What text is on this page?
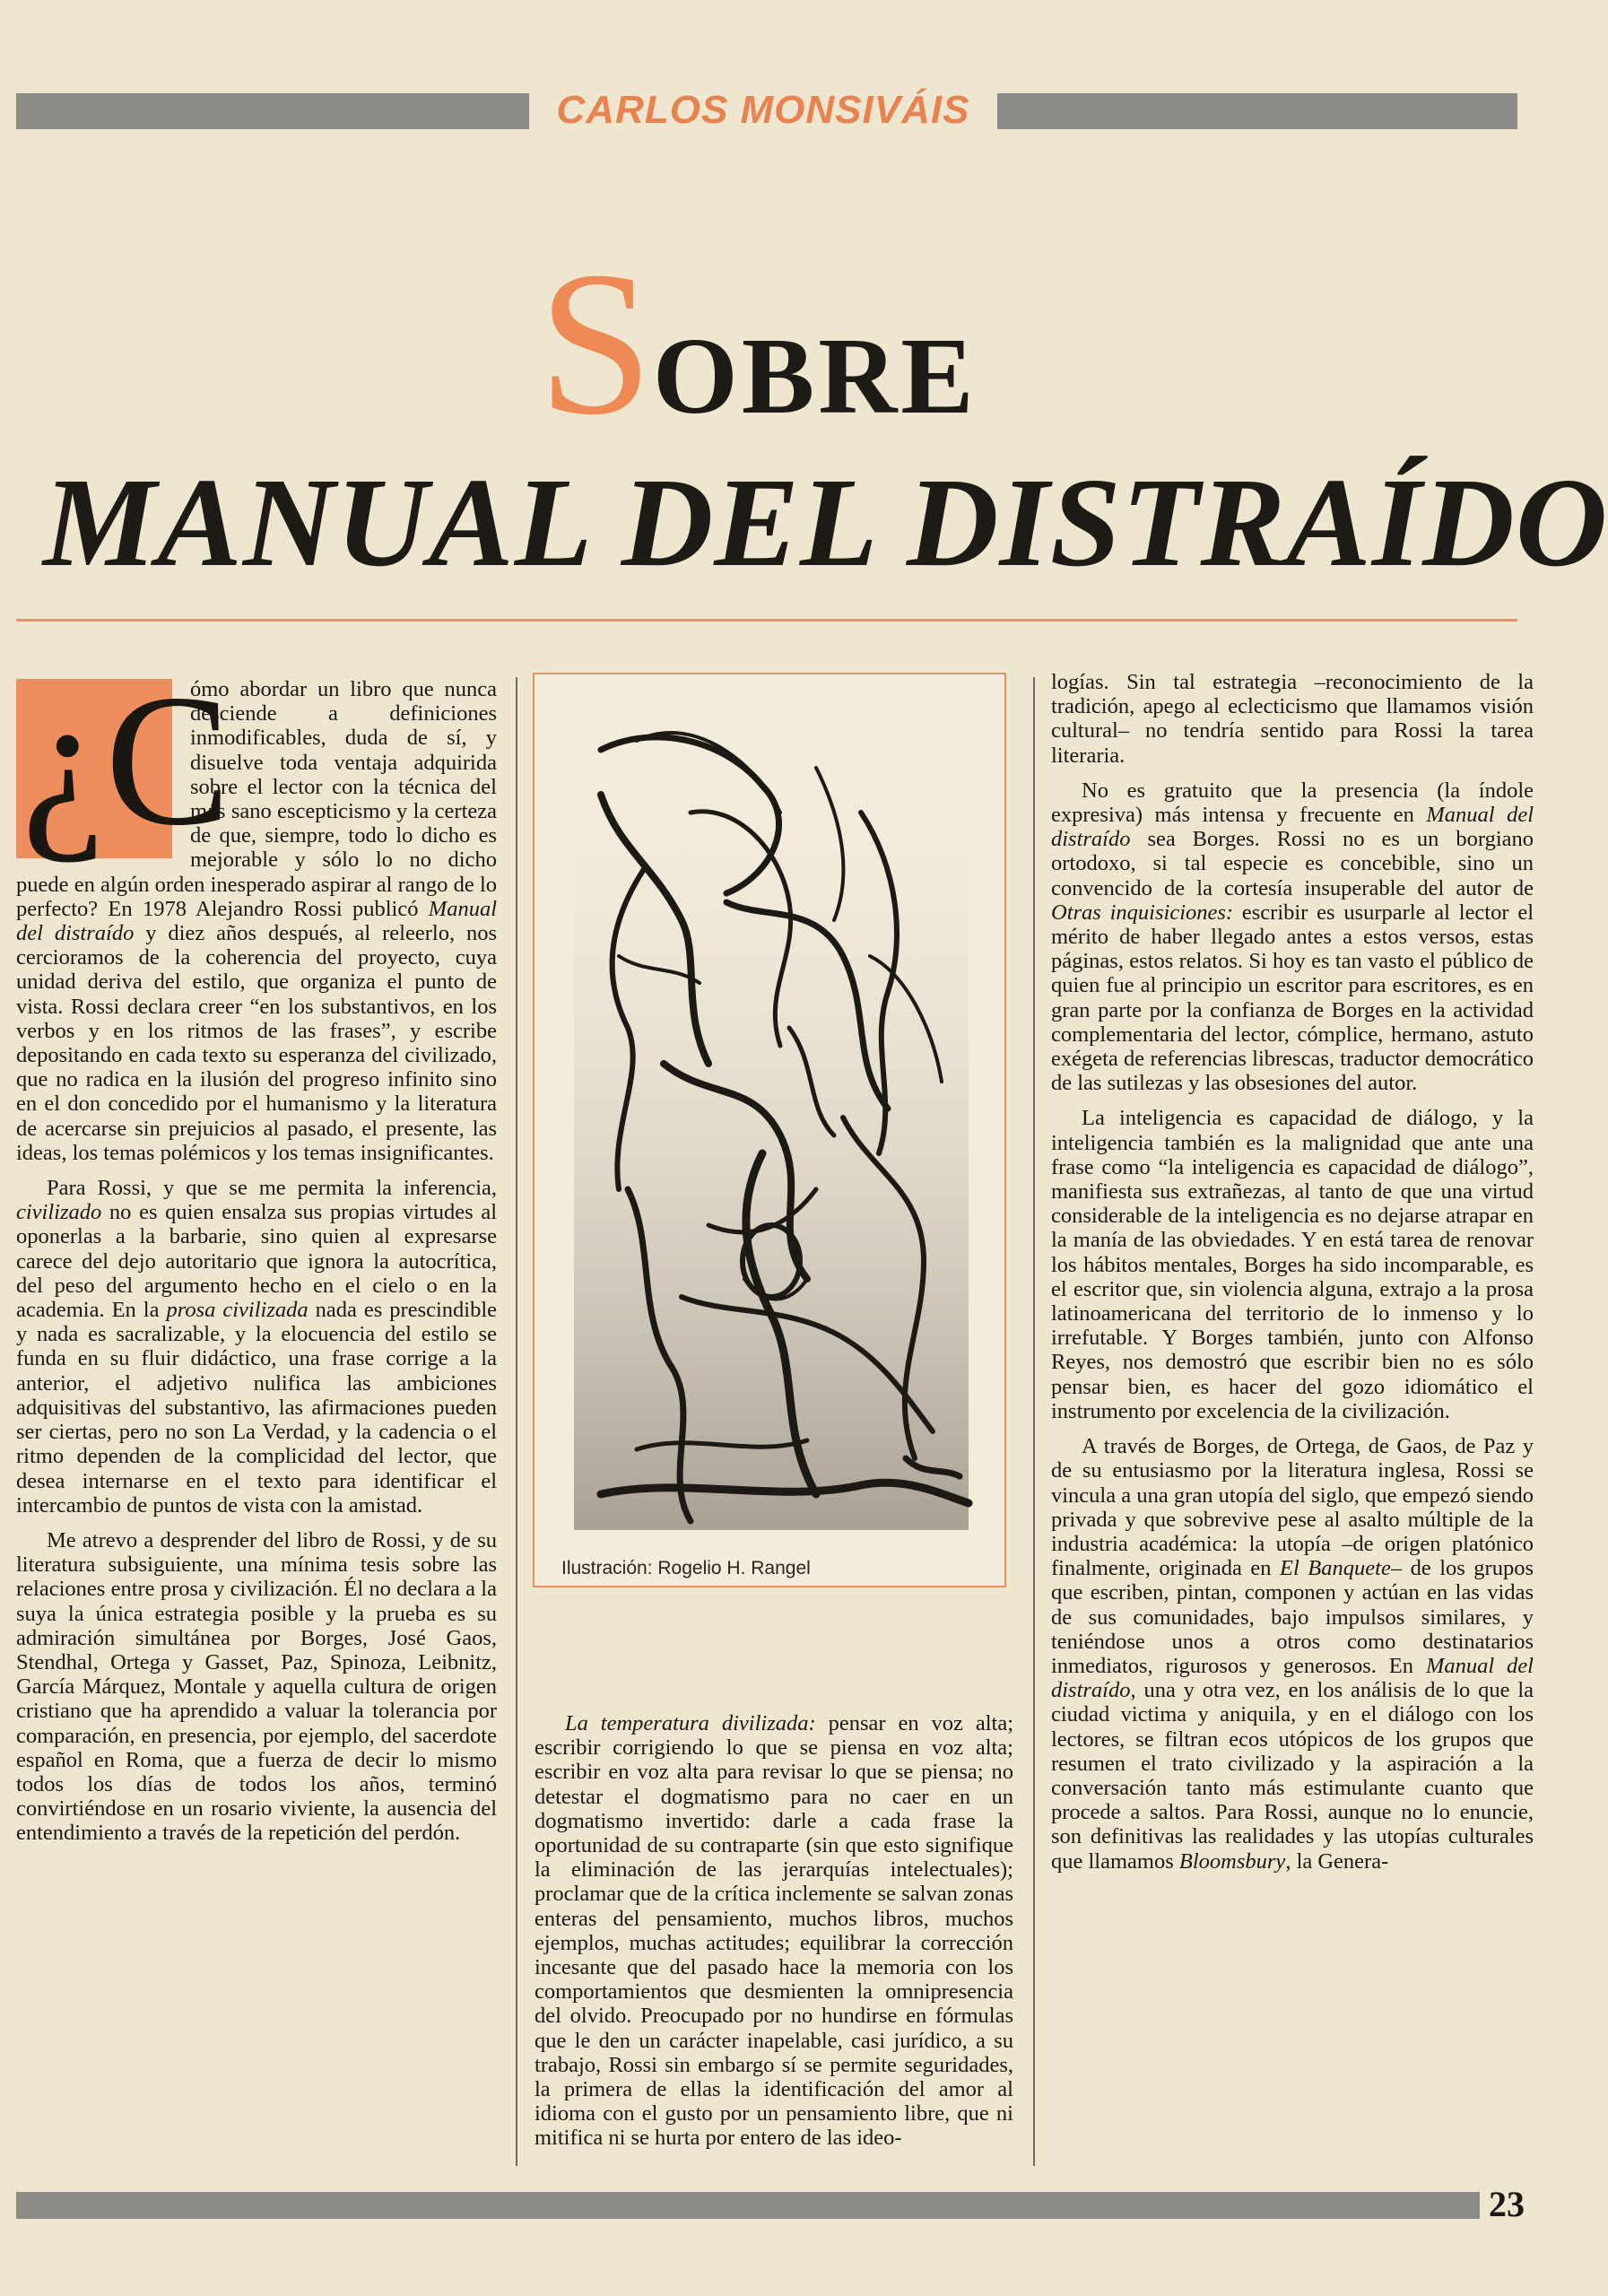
CARLOS MONSIVÁIS
SOBRE
MANUAL DEL DISTRAÍDO

¿C
ómo abordar un libro que nunca desciende a definiciones inmodificables, duda de sí, y disuelve toda ventaja adquirida sobre el lector con la técnica del más sano escepticismo y la certeza de que, siempre, todo lo dicho es mejorable y sólo lo no dicho puede en algún orden inesperado aspirar al rango de lo perfecto? En 1978 Alejandro Rossi publicó Manual del distraído y diez años después, al releerlo, nos cercioramos de la coherencia del proyecto, cuya unidad deriva del estilo, que organiza el punto de vista. Rossi declara creer “en los substantivos, en los verbos y en los ritmos de las frases”, y escribe depositando en cada texto su esperanza del civilizado, que no radica en la ilusión del progreso infinito sino en el don concedido por el humanismo y la literatura de acercarse sin prejuicios al pasado, el presente, las ideas, los temas polémicos y los temas insignificantes.

Para Rossi, y que se me permita la inferencia, civilizado no es quien ensalza sus propias virtudes al oponerlas a la barbarie, sino quien al expresarse carece del dejo autoritario que ignora la autocrítica, del peso del argumento hecho en el cielo o en la academia. En la prosa civilizada nada es prescindible y nada es sacralizable, y la elocuencia del estilo se funda en su fluir didáctico, una frase corrige a la anterior, el adjetivo nulifica las ambiciones adquisitivas del substantivo, las afirmaciones pueden ser ciertas, pero no son La Verdad, y la cadencia o el ritmo dependen de la complicidad del lector, que desea internarse en el texto para identificar el intercambio de puntos de vista con la amistad.

Me atrevo a desprender del libro de Rossi, y de su literatura subsiguiente, una mínima tesis sobre las relaciones entre prosa y civilización. Él no declara a la suya la única estrategia posible y la prueba es su admiración simultánea por Borges, José Gaos, Stendhal, Ortega y Gasset, Paz, Spinoza, Leibnitz, García Márquez, Montale y aquella cultura de origen cristiano que ha aprendido a valuar la tolerancia por comparación, en presencia, por ejemplo, del sacerdote español en Roma, que a fuerza de decir lo mismo todos los días de todos los años, terminó convirtiéndose en un rosario viviente, la ausencia del entendimiento a través de la repetición del perdón.

Ilustración: Rogelio H. Rangel

La temperatura divilizada: pensar en voz alta; escribir corrigiendo lo que se piensa en voz alta; escribir en voz alta para revisar lo que se piensa; no detestar el dogmatismo para no caer en un dogmatismo invertido: darle a cada frase la oportunidad de su contraparte (sin que esto signifique la eliminación de las jerarquías intelectuales); proclamar que de la crítica inclemente se salvan zonas enteras del pensamiento, muchos libros, muchos ejemplos, muchas actitudes; equilibrar la corrección incesante que del pasado hace la memoria con los comportamientos que desmienten la omnipresencia del olvido. Preocupado por no hundirse en fórmulas que le den un carácter inapelable, casi jurídico, a su trabajo, Rossi sin embargo sí se permite seguridades, la primera de ellas la identificación del amor al idioma con el gusto por un pensamiento libre, que ni mitifica ni se hurta por entero de las ideo-

logías. Sin tal estrategia –reconocimiento de la tradición, apego al eclecticismo que llamamos visión cultural– no tendría sentido para Rossi la tarea literaria.

No es gratuito que la presencia (la índole expresiva) más intensa y frecuente en Manual del distraído sea Borges. Rossi no es un borgiano ortodoxo, si tal especie es concebible, sino un convencido de la cortesía insuperable del autor de Otras inquisiciones: escribir es usurparle al lector el mérito de haber llegado antes a estos versos, estas páginas, estos relatos. Si hoy es tan vasto el público de quien fue al principio un escritor para escritores, es en gran parte por la confianza de Borges en la actividad complementaria del lector, cómplice, hermano, astuto exégeta de referencias librescas, traductor democrático de las sutilezas y las obsesiones del autor.

La inteligencia es capacidad de diálogo, y la inteligencia también es la malignidad que ante una frase como “la inteligencia es capacidad de diálogo”, manifiesta sus extrañezas, al tanto de que una virtud considerable de la inteligencia es no dejarse atrapar en la manía de las obviedades. Y en está tarea de renovar los hábitos mentales, Borges ha sido incomparable, es el escritor que, sin violencia alguna, extrajo a la prosa latinoamericana del territorio de lo inmenso y lo irrefutable. Y Borges también, junto con Alfonso Reyes, nos demostró que escribir bien no es sólo pensar bien, es hacer del gozo idiomático el instrumento por excelencia de la civilización.

A través de Borges, de Ortega, de Gaos, de Paz y de su entusiasmo por la literatura inglesa, Rossi se vincula a una gran utopía del siglo, que empezó siendo privada y que sobrevive pese al asalto múltiple de la industria académica: la utopía –de origen platónico finalmente, originada en El Banquete– de los grupos que escriben, pintan, componen y actúan en las vidas de sus comunidades, bajo impulsos similares, y teniéndose unos a otros como destinatarios inmediatos, rigurosos y generosos. En Manual del distraído, una y otra vez, en los análisis de lo que la ciudad victima y aniquila, y en el diálogo con los lectores, se filtran ecos utópicos de los grupos que resumen el trato civilizado y la aspiración a la conversación tanto más estimulante cuanto que procede a saltos. Para Rossi, aunque no lo enuncie, son definitivas las realidades y las utopías culturales que llamamos Bloomsbury, la Genera-

23
